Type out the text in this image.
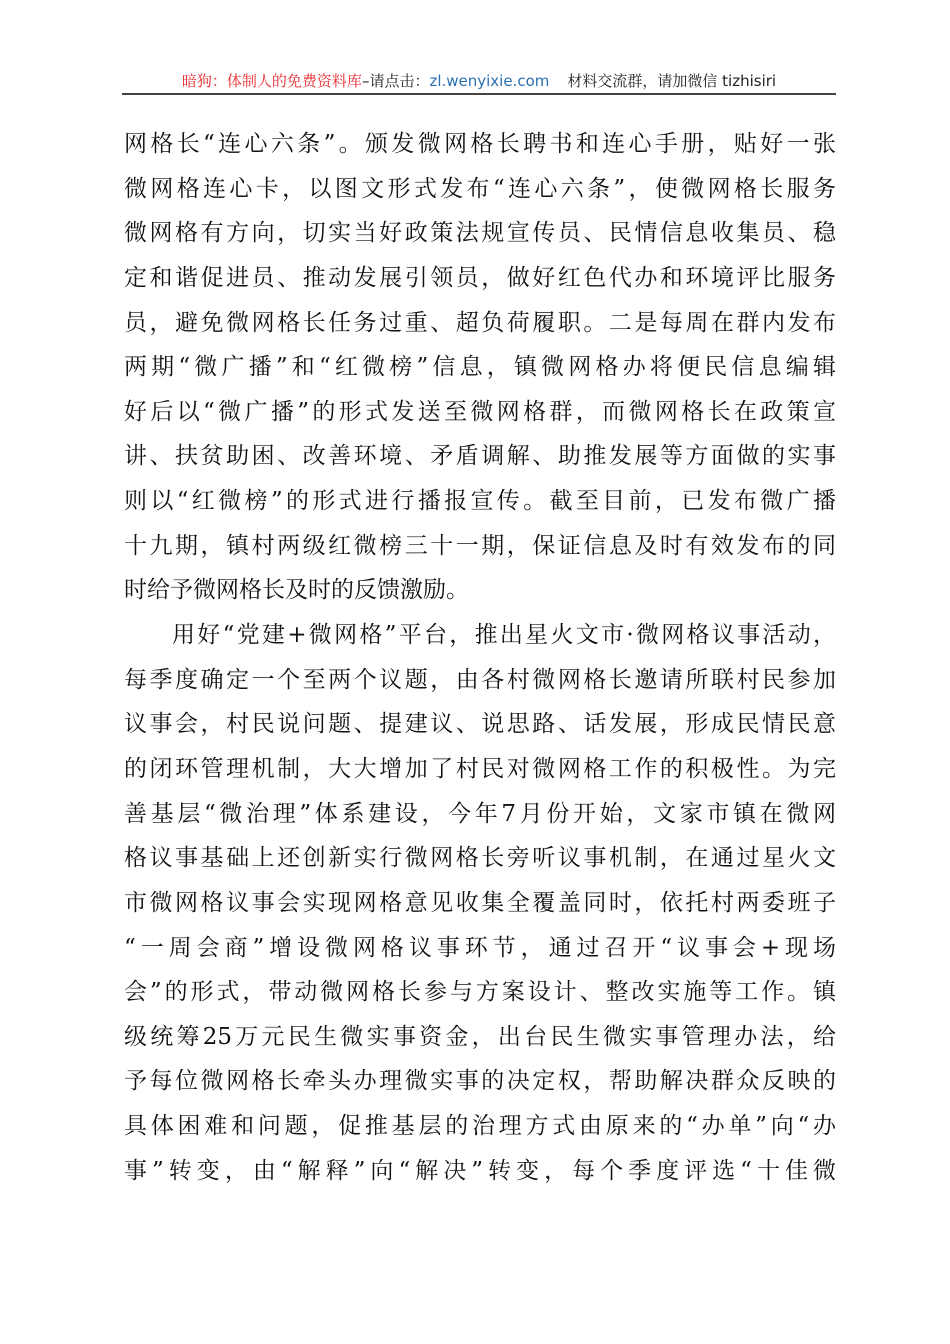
暗狗：体制人的免费资料库–请点击：zl.wenyixie.com 材料交流群，请加微信 tizhisiri
网格长“连心六条”。颁发微网格长聘书和连心手册，贴好一张
微网格连心卡，以图文形式发布“连心六条”，使微网格长服务
微网格有方向，切实当好政策法规宣传员、民情信息收集员、稳
定和谐促进员、推动发展引领员，做好红色代办和环境评比服务
员，避免微网格长任务过重、超负荷履职。二是每周在群内发布
两期“微广播”和“红微榜”信息，镇微网格办将便民信息编辑
好后以“微广播”的形式发送至微网格群，而微网格长在政策宣
讲、扶贫助困、改善环境、矛盾调解、助推发展等方面做的实事
则以“红微榜”的形式进行播报宣传。截至目前，已发布微广播
十九期，镇村两级红微榜三十一期，保证信息及时有效发布的同
时给予微网格长及时的反馈激励。
用好“党建+微网格”平台，推出星火文市·微网格议事活动，
每季度确定一个至两个议题，由各村微网格长邀请所联村民参加
议事会，村民说问题、提建议、说思路、话发展，形成民情民意
的闭环管理机制，大大增加了村民对微网格工作的积极性。为完
善基层“微治理”体系建设，今年7月份开始，文家市镇在微网
格议事基础上还创新实行微网格长旁听议事机制，在通过星火文
市微网格议事会实现网格意见收集全覆盖同时，依托村两委班子
“一周会商”增设微网格议事环节，通过召开“议事会+现场
会”的形式，带动微网格长参与方案设计、整改实施等工作。镇
级统筹25万元民生微实事资金，出台民生微实事管理办法，给
予每位微网格长牵头办理微实事的决定权，帮助解决群众反映的
具体困难和问题，促推基层的治理方式由原来的“办单”向“办
事”转变，由“解释”向“解决”转变，每个季度评选“十佳微
